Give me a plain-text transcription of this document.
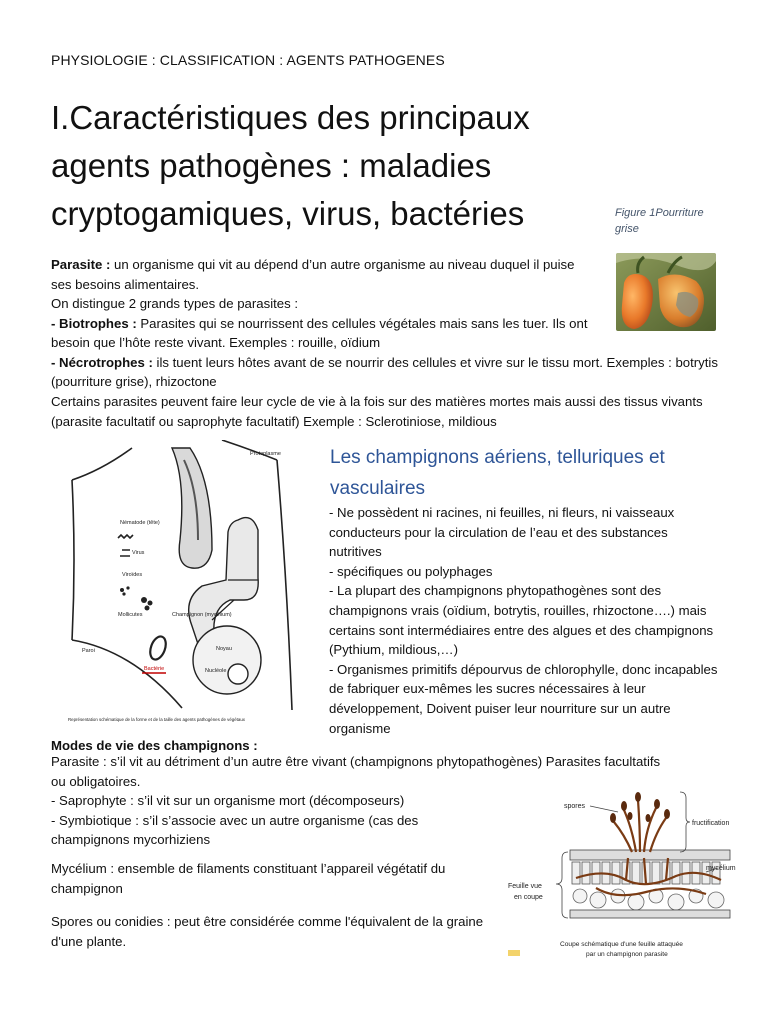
PHYSIOLOGIE : CLASSIFICATION : AGENTS PATHOGENES
I.Caractéristiques des principaux agents pathogènes : maladies cryptogamiques, virus, bactéries	Figure 1Pourriture grise
Parasite : un organisme qui vit au dépend d’un autre organisme au niveau duquel il puise ses besoins alimentaires.
On distingue 2 grands types de parasites :
- Biotrophes : Parasites qui se nourrissent des cellules végétales mais sans les tuer. Ils ont besoin que l’hôte reste vivant. Exemples : rouille, oïdium
- Nécrotrophes : ils tuent leurs hôtes avant de se nourrir des cellules et vivre sur le tissu mort. Exemples : botrytis (pourriture grise), rhizoctone
Certains parasites peuvent faire leur cycle de vie à la fois sur des matières mortes mais aussi des tissus vivants (parasite facultatif ou saprophyte facultatif) Exemple : Sclerotiniose, mildious
Protoplasme
Nématode (tête)
Virus
Viroïdes
Mollicutes	Champignon (mycélium)
Noyau
Paroi
Bactérie	Nucléole
Représentation schématique de la forme et de la taille des agents pathogènes de végétaux
Les champignons aériens, telluriques et vasculaires
- Ne possèdent ni racines, ni feuilles, ni fleurs, ni vaisseaux conducteurs pour la circulation de l’eau et des substances nutritives
- spécifiques ou polyphages
- La plupart des champignons phytopathogènes sont des champignons vrais (oïdium, botrytis, rouilles, rhizoctone….) mais certains sont intermédiaires entre des algues et des champignons (Pythium, mildious,…)
- Organismes primitifs dépourvus de chlorophylle, donc incapables de fabriquer eux-mêmes les sucres nécessaires à leur développement, Doivent puiser leur nourriture sur un autre organisme
Modes de vie des champignons :
Parasite : s’il vit au détriment d’un autre être vivant (champignons phytopathogènes) Parasites facultatifs ou obligatoires.
- Saprophyte : s’il vit sur un organisme mort (décomposeurs)
- Symbiotique : s’il s’associe avec un autre organisme (cas des champignons mycorhiziens
Mycélium : ensemble de filaments constituant l’appareil végétatif du champignon
Spores ou conidies : peut être considérée comme l'équivalent de la graine d'une plante.
spores
fructification
mycélium
Feuille vue
en coupe
Coupe schématique d'une feuille attaquée
par un champignon parasite
